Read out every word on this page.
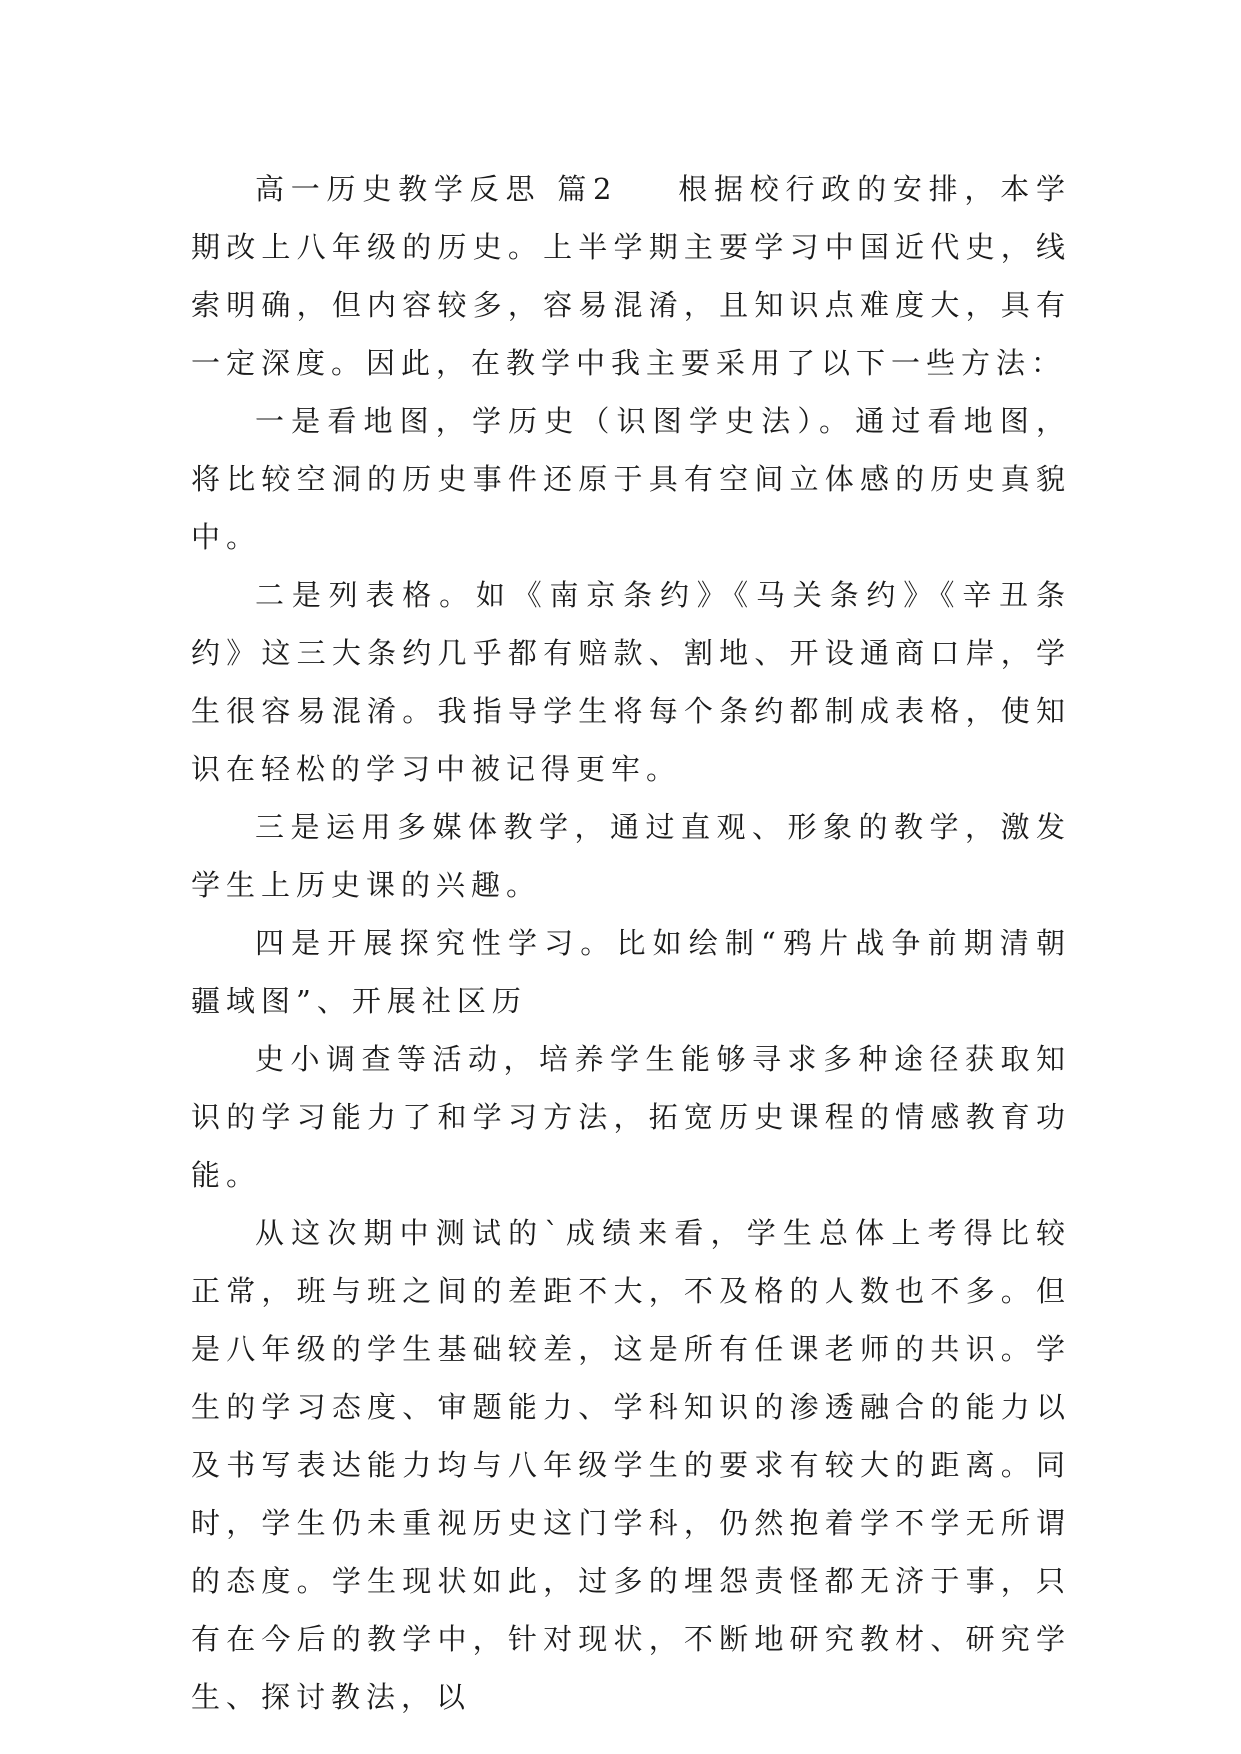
高一历史教学反思 篇2 根据校行政的安排，本学期改上八年级的历史。上半学期主要学习中国近代史，线索明确，但内容较多，容易混淆，且知识点难度大，具有一定深度。因此，在教学中我主要采用了以下一些方法：

一是看地图，学历史（识图学史法）。通过看地图，将比较空洞的历史事件还原于具有空间立体感的历史真貌中。

二是列表格。如《南京条约》《马关条约》《辛丑条约》这三大条约几乎都有赔款、割地、开设通商口岸，学生很容易混淆。我指导学生将每个条约都制成表格，使知识在轻松的学习中被记得更牢。

三是运用多媒体教学，通过直观、形象的教学，激发学生上历史课的兴趣。

四是开展探究性学习。比如绘制“鸦片战争前期清朝疆域图”、开展社区历

史小调查等活动，培养学生能够寻求多种途径获取知识的学习能力了和学习方法，拓宽历史课程的情感教育功能。

从这次期中测试的`成绩来看，学生总体上考得比较正常，班与班之间的差距不大，不及格的人数也不多。但是八年级的学生基础较差，这是所有任课老师的共识。学生的学习态度、审题能力、学科知识的渗透融合的能力以及书写表达能力均与八年级学生的要求有较大的距离。同时，学生仍未重视历史这门学科，仍然抱着学不学无所谓的态度。学生现状如此，过多的埋怨责怪都无济于事，只有在今后的教学中，针对现状，不断地研究教材、研究学生、探讨教法，以
